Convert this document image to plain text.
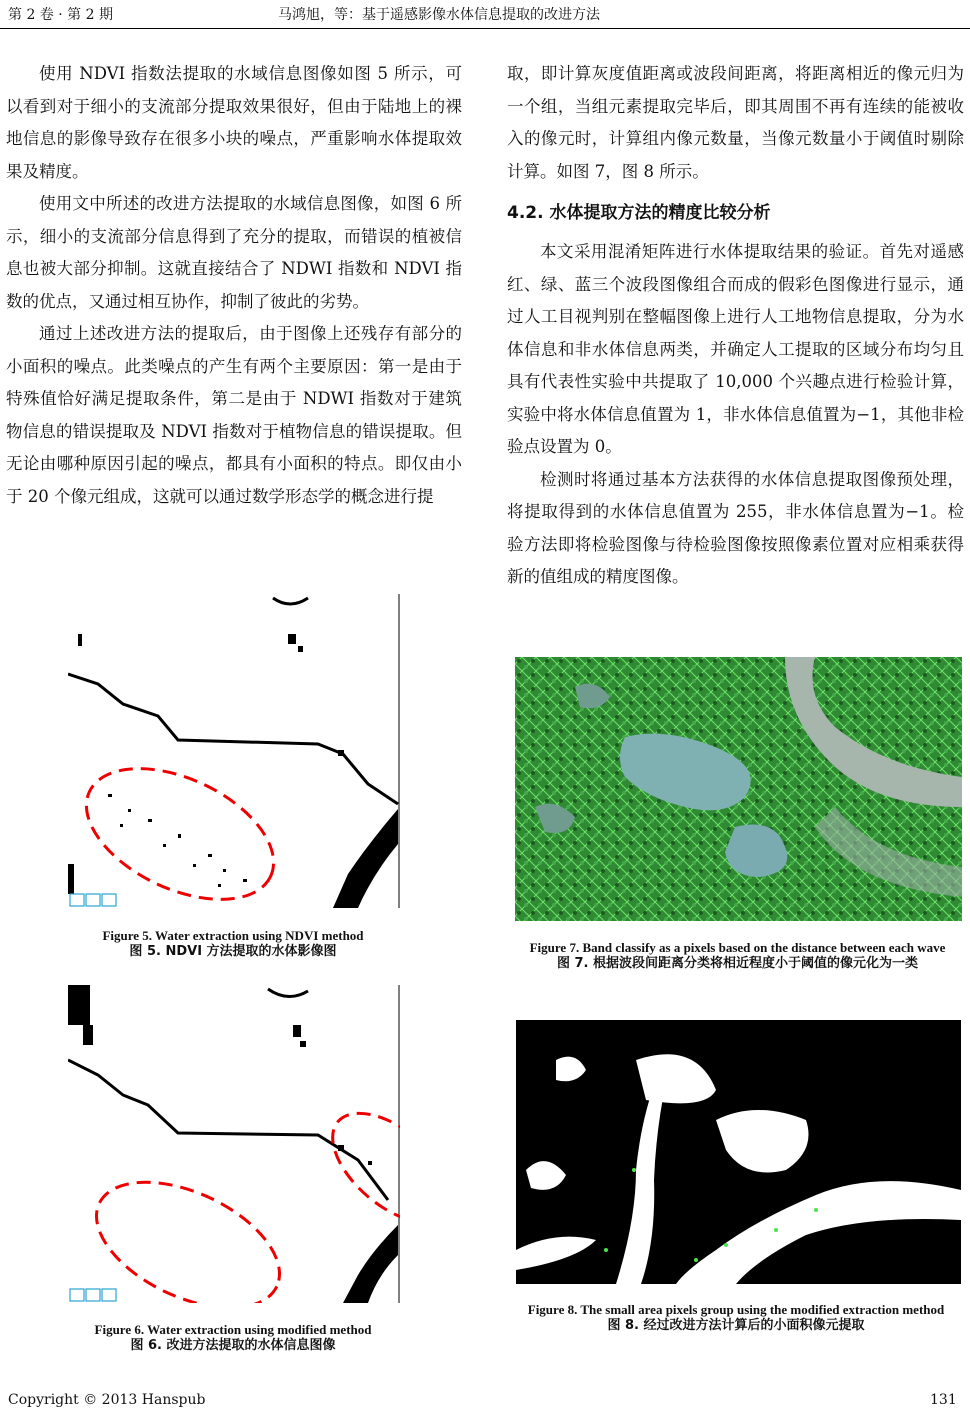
第 2 卷 · 第 2 期	马鸿旭，等：基于遥感影像水体信息提取的改进方法

使用 NDVI 指数法提取的水域信息图像如图 5 所示，可以看到对于细小的支流部分提取效果很好，但由于陆地上的裸地信息的影像导致存在很多小块的噪点，严重影响水体提取效果及精度。

使用文中所述的改进方法提取的水域信息图像，如图 6 所示，细小的支流部分信息得到了充分的提取，而错误的植被信息也被大部分抑制。这就直接结合了 NDWI 指数和 NDVI 指数的优点，又通过相互协作，抑制了彼此的劣势。

通过上述改进方法的提取后，由于图像上还残存有部分的小面积的噪点。此类噪点的产生有两个主要原因：第一是由于特殊值恰好满足提取条件，第二是由于 NDWI 指数对于建筑物信息的错误提取及 NDVI 指数对于植物信息的错误提取。但无论由哪种原因引起的噪点，都具有小面积的特点。即仅由小于 20 个像元组成，这就可以通过数学形态学的概念进行提

取，即计算灰度值距离或波段间距离，将距离相近的像元归为一个组，当组元素提取完毕后，即其周围不再有连续的能被收入的像元时，计算组内像元数量，当像元数量小于阈值时剔除计算。如图 7，图 8 所示。

4.2. 水体提取方法的精度比较分析

本文采用混淆矩阵进行水体提取结果的验证。首先对遥感红、绿、蓝三个波段图像组合而成的假彩色图像进行显示，通过人工目视判别在整幅图像上进行人工地物信息提取，分为水体信息和非水体信息两类，并确定人工提取的区域分布均匀且具有代表性实验中共提取了 10,000 个兴趣点进行检验计算，实验中将水体信息值置为 1，非水体信息值置为−1，其他非检验点设置为 0。

检测时将通过基本方法获得的水体信息提取图像预处理，将提取得到的水体信息值置为 255，非水体信息置为−1。检验方法即将检验图像与待检验图像按照像素位置对应相乘获得新的值组成的精度图像。

Figure 5. Water extraction using NDVI method
图 5. NDVI 方法提取的水体影像图
Figure 6. Water extraction using modified method
图 6. 改进方法提取的水体信息图像
Figure 7. Band classify as a pixels based on the distance between each wave
图 7. 根据波段间距离分类将相近程度小于阈值的像元化为一类
Figure 8. The small area pixels group using the modified extraction method
图 8. 经过改进方法计算后的小面积像元提取
Copyright © 2013 Hanspub	131
